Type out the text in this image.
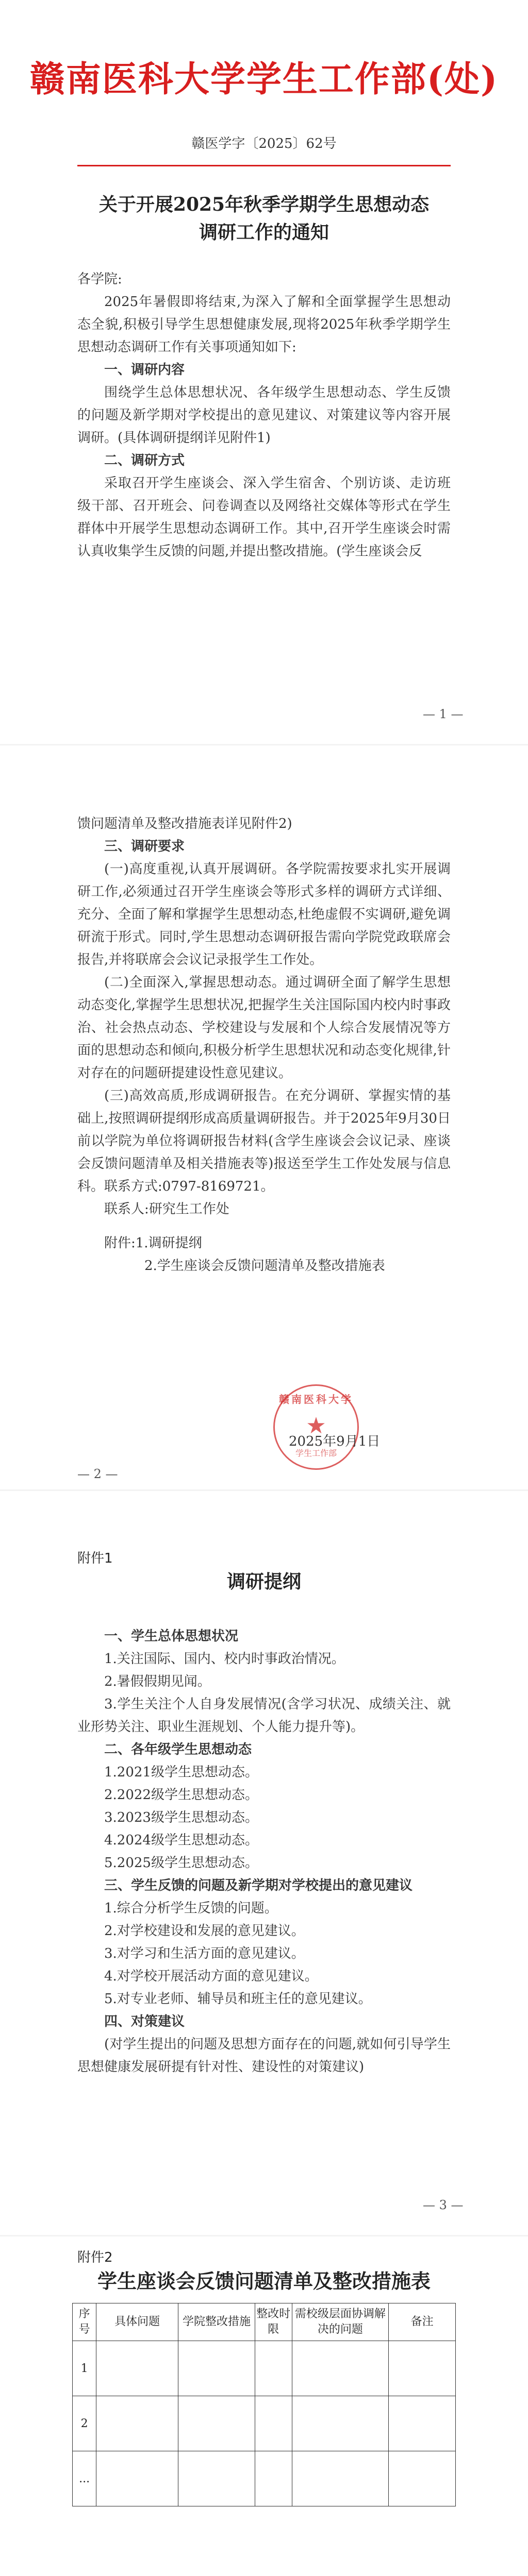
赣南医科大学学生工作部(处)
赣医学字〔2025〕62号
关于开展2025年秋季学期学生思想动态
调研工作的通知

各学院:

2025年暑假即将结束,为深入了解和全面掌握学生思想动态全貌,积极引导学生思想健康发展,现将2025年秋季学期学生思想动态调研工作有关事项通知如下:

一、调研内容

围绕学生总体思想状况、各年级学生思想动态、学生反馈的问题及新学期对学校提出的意见建议、对策建议等内容开展调研。(具体调研提纲详见附件1)

二、调研方式

采取召开学生座谈会、深入学生宿舍、个别访谈、走访班级干部、召开班会、问卷调查以及网络社交媒体等形式在学生群体中开展学生思想动态调研工作。其中,召开学生座谈会时需认真收集学生反馈的问题,并提出整改措施。(学生座谈会反

— 1 —

馈问题清单及整改措施表详见附件2)

三、调研要求

(一)高度重视,认真开展调研。各学院需按要求扎实开展调研工作,必须通过召开学生座谈会等形式多样的调研方式详细、充分、全面了解和掌握学生思想动态,杜绝虚假不实调研,避免调研流于形式。同时,学生思想动态调研报告需向学院党政联席会报告,并将联席会会议记录报学生工作处。

(二)全面深入,掌握思想动态。通过调研全面了解学生思想动态变化,掌握学生思想状况,把握学生关注国际国内校内时事政治、社会热点动态、学校建设与发展和个人综合发展情况等方面的思想动态和倾向,积极分析学生思想状况和动态变化规律,针对存在的问题研提建设性意见建议。

(三)高效高质,形成调研报告。在充分调研、掌握实情的基础上,按照调研提纲形成高质量调研报告。并于2025年9月30日前以学院为单位将调研报告材料(含学生座谈会会议记录、座谈会反馈问题清单及相关措施表等)报送至学生工作处发展与信息科。联系方式:0797-8169721。

联系人:研究生工作处

附件:1.调研提纲

2.学生座谈会反馈问题清单及整改措施表

赣南医科大学
★
学生工作部
2025年9月1日
— 2 —
附件1
调研提纲

一、学生总体思想状况

1.关注国际、国内、校内时事政治情况。

2.暑假假期见闻。

3.学生关注个人自身发展情况(含学习状况、成绩关注、就业形势关注、职业生涯规划、个人能力提升等)。

二、各年级学生思想动态

1.2021级学生思想动态。

2.2022级学生思想动态。

3.2023级学生思想动态。

4.2024级学生思想动态。

5.2025级学生思想动态。

三、学生反馈的问题及新学期对学校提出的意见建议

1.综合分析学生反馈的问题。

2.对学校建设和发展的意见建议。

3.对学习和生活方面的意见建议。

4.对学校开展活动方面的意见建议。

5.对专业老师、辅导员和班主任的意见建议。

四、对策建议

(对学生提出的问题及思想方面存在的问题,就如何引导学生思想健康发展研提有针对性、建设性的对策建议)

— 3 —
附件2
学生座谈会反馈问题清单及整改措施表
序号	具体问题	学院整改措施	整改时限	需校级层面协调解决的问题	备注
1					
2					
...					
